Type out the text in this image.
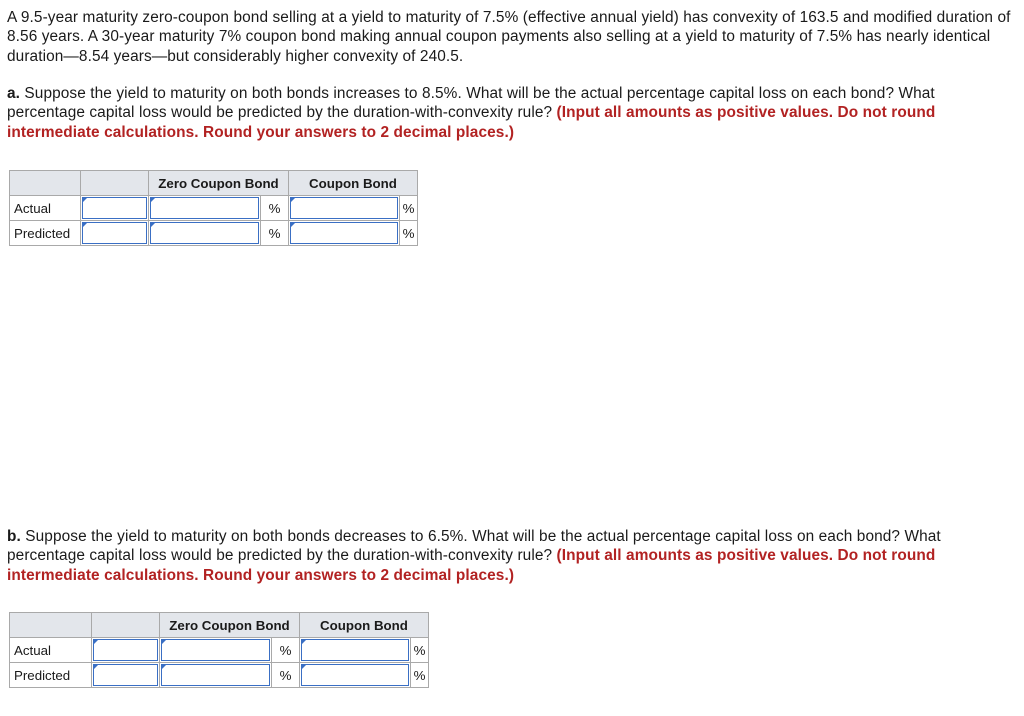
A 9.5-year maturity zero-coupon bond selling at a yield to maturity of 7.5% (effective annual yield) has convexity of 163.5 and modified duration of 8.56 years. A 30-year maturity 7% coupon bond making annual coupon payments also selling at a yield to maturity of 7.5% has nearly identical duration—8.54 years—but considerably higher convexity of 240.5.
a. Suppose the yield to maturity on both bonds increases to 8.5%. What will be the actual percentage capital loss on each bond? What percentage capital loss would be predicted by the duration-with-convexity rule? (Input all amounts as positive values. Do not round intermediate calculations. Round your answers to 2 decimal places.)
		Zero Coupon Bond		Coupon Bond	
Actual			%		%
Predicted			%		%
b. Suppose the yield to maturity on both bonds decreases to 6.5%. What will be the actual percentage capital loss on each bond? What percentage capital loss would be predicted by the duration-with-convexity rule? (Input all amounts as positive values. Do not round intermediate calculations. Round your answers to 2 decimal places.)
		Zero Coupon Bond		Coupon Bond	
Actual			%		%
Predicted			%		%
